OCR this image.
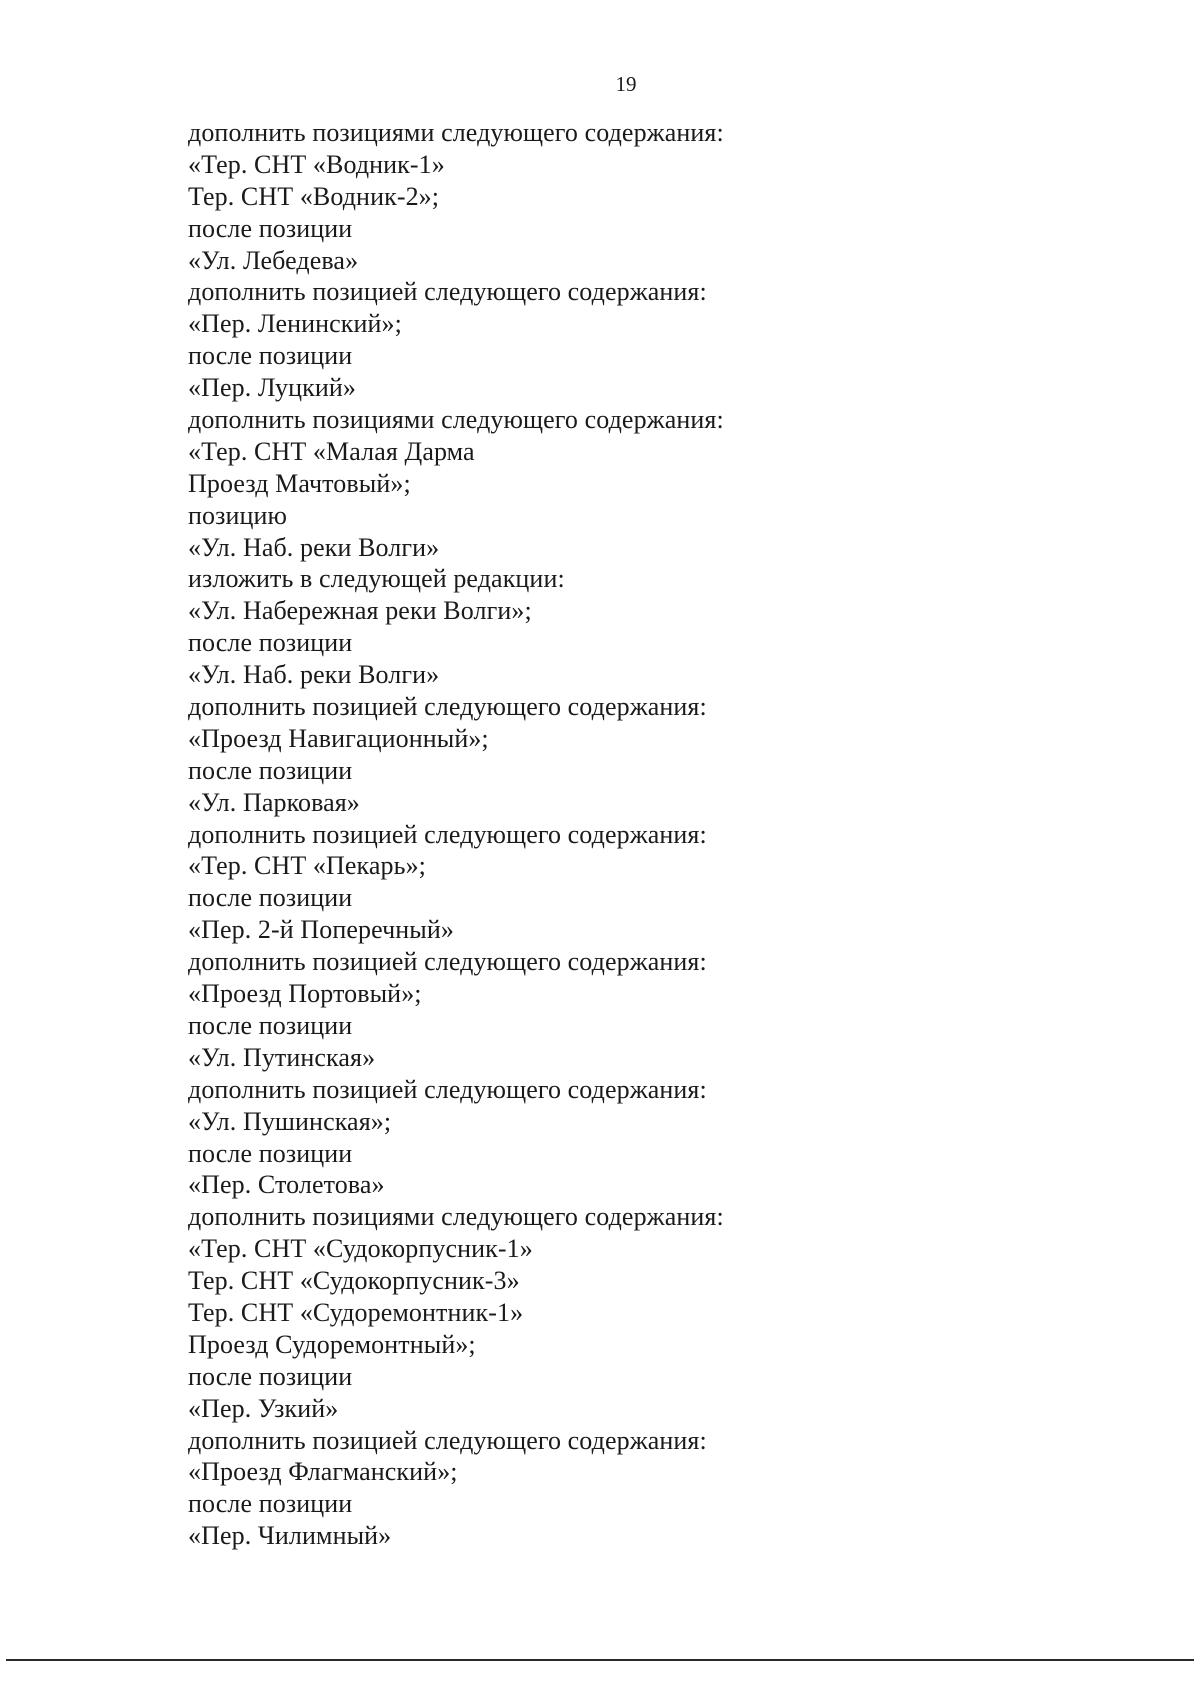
19
дополнить позициями следующего содержания:
«Тер. СНТ «Водник-1»
Тер. СНТ «Водник-2»;
после позиции
«Ул. Лебедева»
дополнить позицией следующего содержания:
«Пер. Ленинский»;
после позиции
«Пер. Луцкий»
дополнить позициями следующего содержания:
«Тер. СНТ «Малая Дарма
Проезд Мачтовый»;
позицию
«Ул. Наб. реки Волги»
изложить в следующей редакции:
«Ул. Набережная реки Волги»;
после позиции
«Ул. Наб. реки Волги»
дополнить позицией следующего содержания:
«Проезд Навигационный»;
после позиции
«Ул. Парковая»
дополнить позицией следующего содержания:
«Тер. СНТ «Пекарь»;
после позиции
«Пер. 2-й Поперечный»
дополнить позицией следующего содержания:
«Проезд Портовый»;
после позиции
«Ул. Путинская»
дополнить позицией следующего содержания:
«Ул. Пушинская»;
после позиции
«Пер. Столетова»
дополнить позициями следующего содержания:
«Тер. СНТ «Судокорпусник-1»
Тер. СНТ «Судокорпусник-3»
Тер. СНТ «Судоремонтник-1»
Проезд Судоремонтный»;
после позиции
«Пер. Узкий»
дополнить позицией следующего содержания:
«Проезд Флагманский»;
после позиции
«Пер. Чилимный»
